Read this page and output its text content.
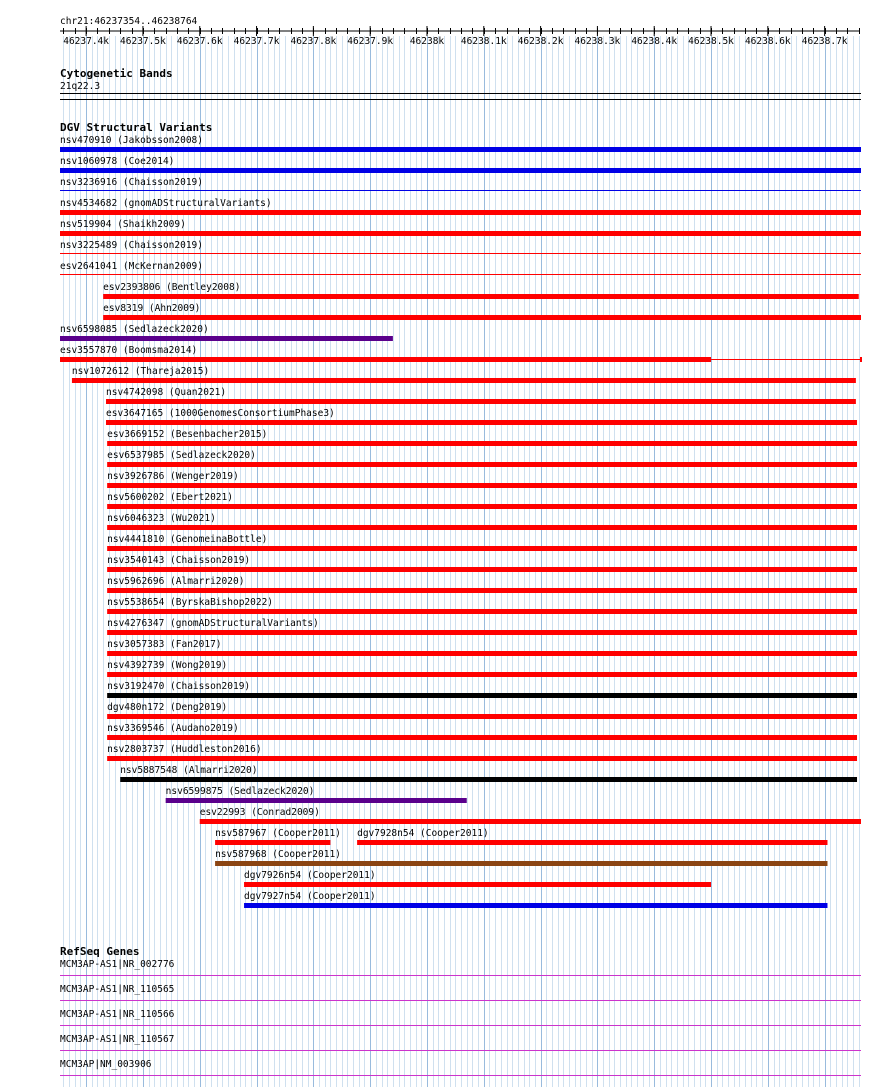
chr21:46237354..46238764
46237.4k 46237.5k 46237.6k 46237.7k 46237.8k 46237.9k 46238k 46238.1k 46238.2k 46238.3k 46238.4k 46238.5k 46238.6k 46238.7k
Cytogenetic Bands
21q22.3
DGV Structural Variants
nsv470910 (Jakobsson2008)
nsv1060978 (Coe2014)
nsv3236916 (Chaisson2019)
nsv4534682 (gnomADStructuralVariants)
nsv519904 (Shaikh2009)
nsv3225489 (Chaisson2019)
esv2641041 (McKernan2009)
esv2393806 (Bentley2008)
esv8319 (Ahn2009)
nsv6598085 (Sedlazeck2020)
esv3557870 (Boomsma2014)
nsv1072612 (Thareja2015)
nsv4742098 (Quan2021)
esv3647165 (1000GenomesConsortiumPhase3)
esv3669152 (Besenbacher2015)
esv6537985 (Sedlazeck2020)
nsv3926786 (Wenger2019)
nsv5600202 (Ebert2021)
nsv6046323 (Wu2021)
nsv4441810 (GenomeinaBottle)
nsv3540143 (Chaisson2019)
nsv5962696 (Almarri2020)
nsv5538654 (ByrskaBishop2022)
nsv4276347 (gnomADStructuralVariants)
nsv3057383 (Fan2017)
nsv4392739 (Wong2019)
nsv3192470 (Chaisson2019)
dgv480n172 (Deng2019)
nsv3369546 (Audano2019)
nsv2803737 (Huddleston2016)
nsv5887548 (Almarri2020)
nsv6599875 (Sedlazeck2020)
esv22993 (Conrad2009)
nsv587967 (Cooper2011) dgv7928n54 (Cooper2011)
nsv587968 (Cooper2011)
dgv7926n54 (Cooper2011)
dgv7927n54 (Cooper2011)
RefSeq Genes
MCM3AP-AS1|NR_002776
MCM3AP-AS1|NR_110565
MCM3AP-AS1|NR_110566
MCM3AP-AS1|NR_110567
MCM3AP|NM_003906
